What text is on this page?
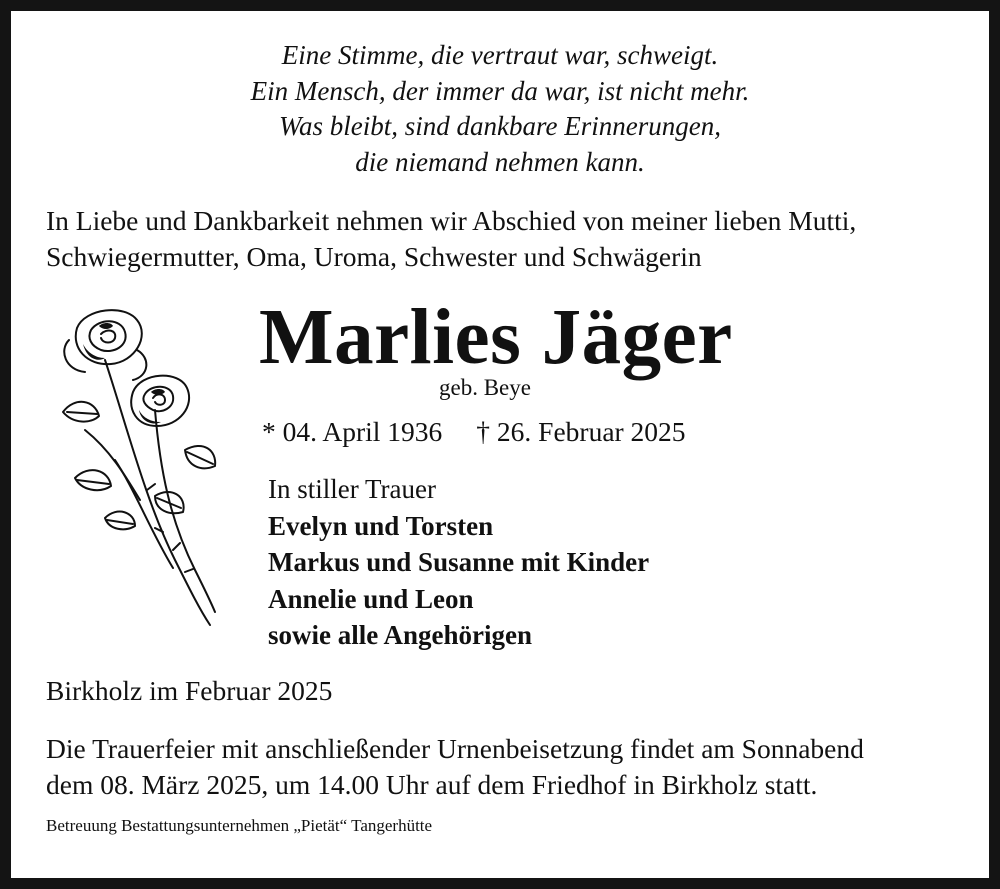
Eine Stimme, die vertraut war, schweigt.
Ein Mensch, der immer da war, ist nicht mehr.
Was bleibt, sind dankbare Erinnerungen,
die niemand nehmen kann.
In Liebe und Dankbarkeit nehmen wir Abschied von meiner lieben Mutti,
Schwiegermutter, Oma, Uroma, Schwester und Schwägerin
Marlies Jäger
geb. Beye
* 04. April 1936 † 26. Februar 2025
In stiller Trauer
Evelyn und Torsten
Markus und Susanne mit Kinder
Annelie und Leon
sowie alle Angehörigen
Birkholz im Februar 2025
Die Trauerfeier mit anschließender Urnenbeisetzung findet am Sonnabend
dem 08. März 2025, um 14.00 Uhr auf dem Friedhof in Birkholz statt.
Betreuung Bestattungsunternehmen „Pietät“ Tangerhütte
